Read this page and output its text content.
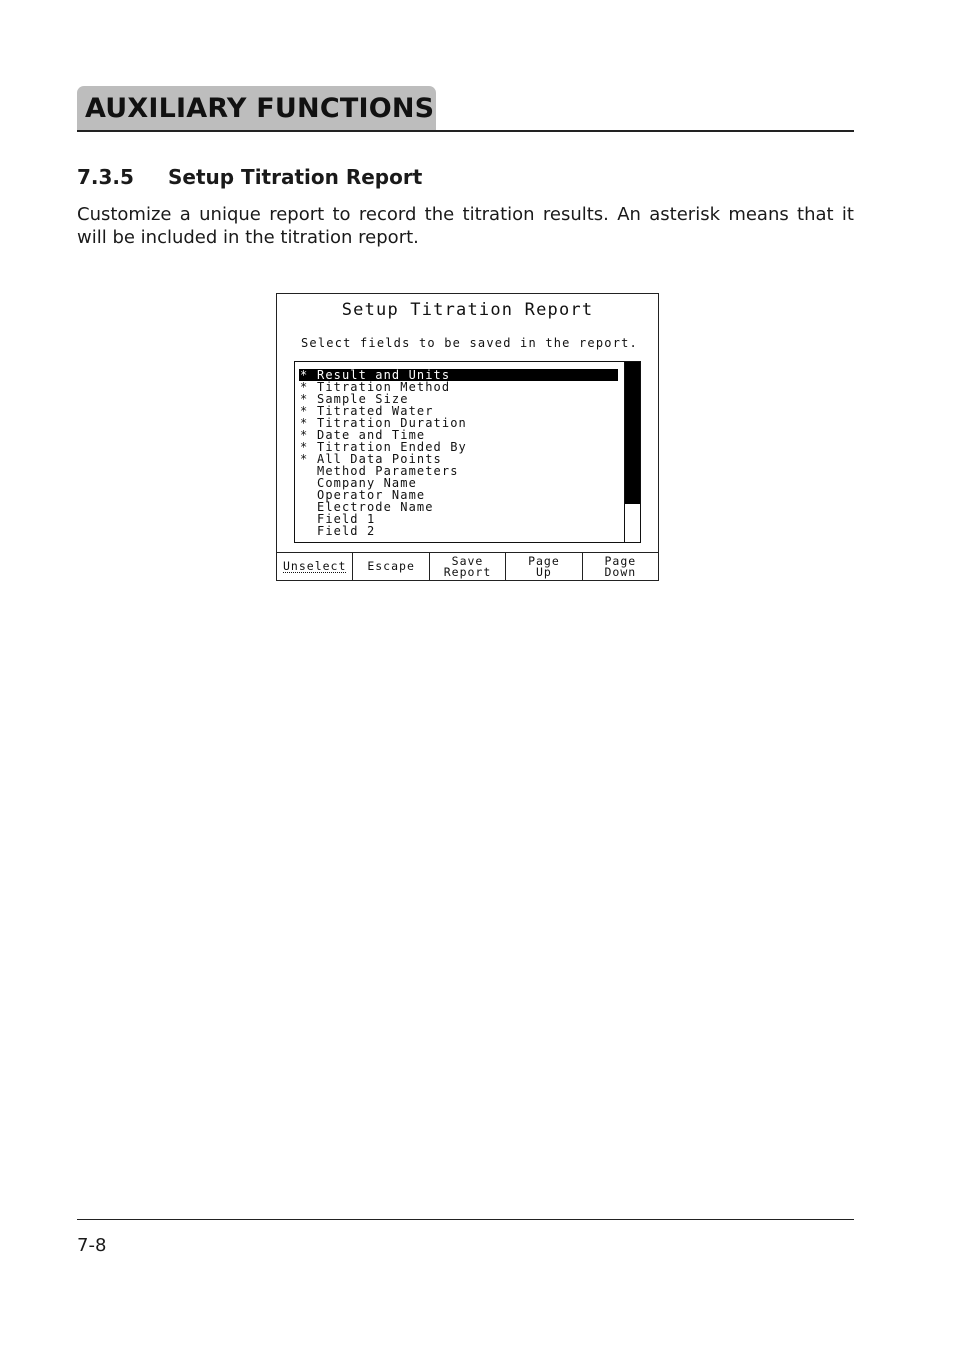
AUXILIARY FUNCTIONS
7.3.5 Setup Titration Report

Customize a unique report to record the titration results. An asterisk means that it will be included in the titration report.

Setup Titration Report
Select fields to be saved in the report.
* Result and Units
* Titration Method
* Sample Size
* Titrated Water
* Titration Duration
* Date and Time
* Titration Ended By
* All Data Points
Method Parameters
Company Name
Operator Name
Electrode Name
Field 1
Field 2
Unselect Escape	Save
Report
Page
Up
Page
Down
7-8
